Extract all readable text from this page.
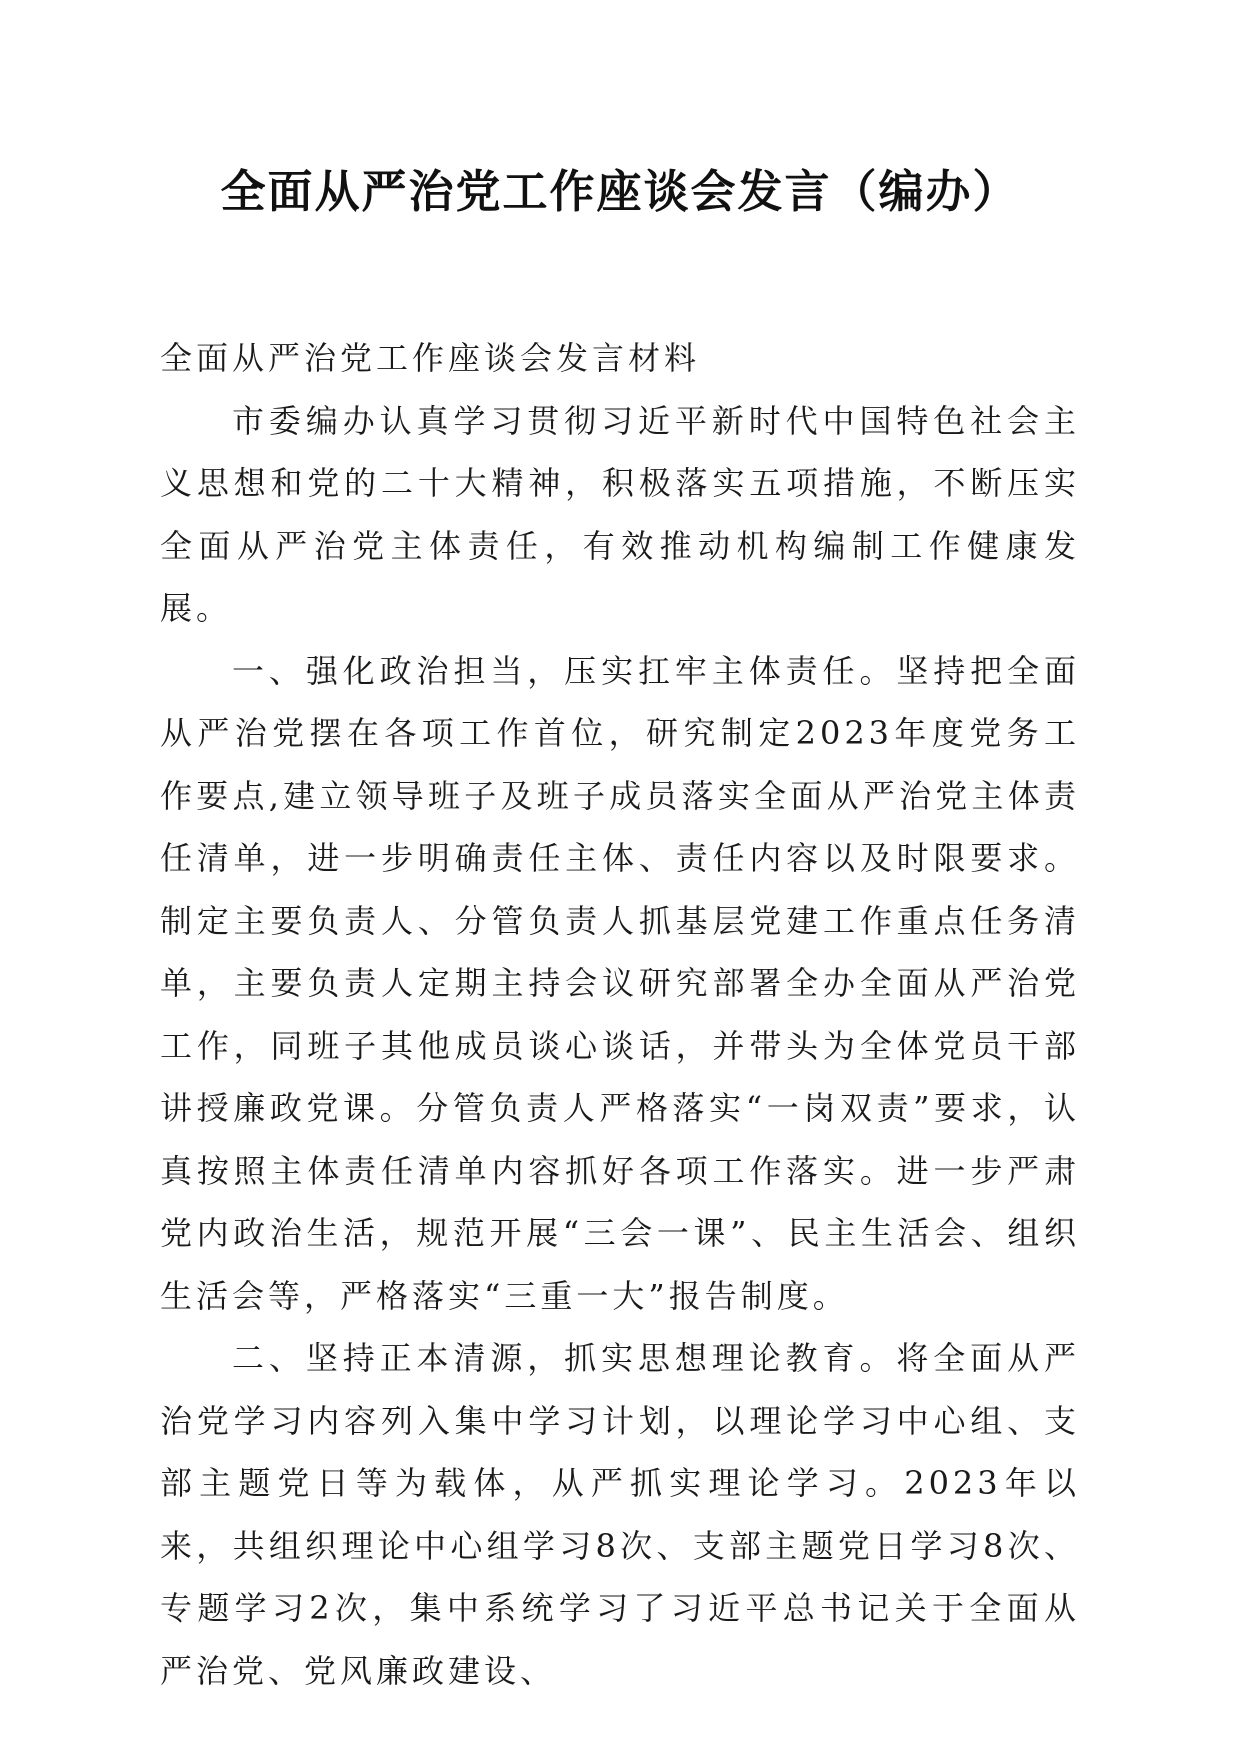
全面从严治党工作座谈会发言（编办）

全面从严治党工作座谈会发言材料

市委编办认真学习贯彻习近平新时代中国特色社会主义思想和党的二十大精神，积极落实五项措施，不断压实全面从严治党主体责任，有效推动机构编制工作健康发展。

一、强化政治担当，压实扛牢主体责任。坚持把全面从严治党摆在各项工作首位，研究制定2023年度党务工作要点,建立领导班子及班子成员落实全面从严治党主体责任清单，进一步明确责任主体、责任内容以及时限要求。制定主要负责人、分管负责人抓基层党建工作重点任务清单，主要负责人定期主持会议研究部署全办全面从严治党工作，同班子其他成员谈心谈话，并带头为全体党员干部讲授廉政党课。分管负责人严格落实“一岗双责”要求，认真按照主体责任清单内容抓好各项工作落实。进一步严肃党内政治生活，规范开展“三会一课”、民主生活会、组织生活会等，严格落实“三重一大”报告制度。

二、坚持正本清源，抓实思想理论教育。将全面从严治党学习内容列入集中学习计划，以理论学习中心组、支部主题党日等为载体，从严抓实理论学习。2023年以来，共组织理论中心组学习8次、支部主题党日学习8次、专题学习2次，集中系统学习了习近平总书记关于全面从严治党、党风廉政建设、
